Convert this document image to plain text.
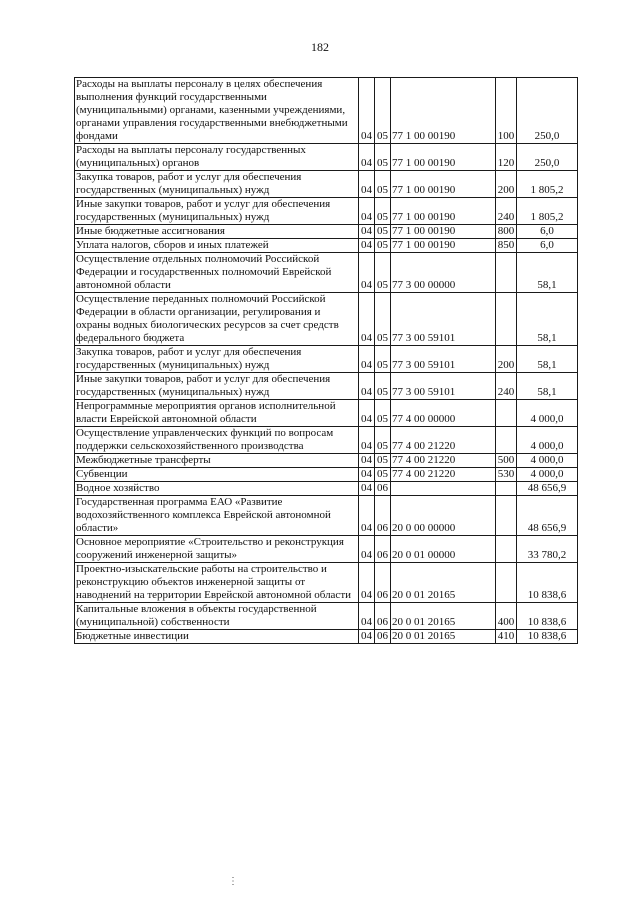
182
Расходы на выплаты персоналу в целях обеспечения выполнения функций государственными (муниципальными) органами, казенными учреждениями, органами управления государственными внебюджетными фондами	04	05	77 1 00 00190	100	250,0
Расходы на выплаты персоналу государственных (муниципальных) органов	04	05	77 1 00 00190	120	250,0
Закупка товаров, работ и услуг для обеспечения государственных (муниципальных) нужд	04	05	77 1 00 00190	200	1 805,2
Иные закупки товаров, работ и услуг для обеспечения государственных (муниципальных) нужд	04	05	77 1 00 00190	240	1 805,2
Иные бюджетные ассигнования	04	05	77 1 00 00190	800	6,0
Уплата налогов, сборов и иных платежей	04	05	77 1 00 00190	850	6,0
Осуществление отдельных полномочий Российской Федерации и государственных полномочий Еврейской автономной области	04	05	77 3 00 00000		58,1
Осуществление переданных полномочий Российской Федерации в области организации, регулирования и охраны водных биологических ресурсов за счет средств федерального бюджета	04	05	77 3 00 59101		58,1
Закупка товаров, работ и услуг для обеспечения государственных (муниципальных) нужд	04	05	77 3 00 59101	200	58,1
Иные закупки товаров, работ и услуг для обеспечения государственных (муниципальных) нужд	04	05	77 3 00 59101	240	58,1
Непрограммные мероприятия органов исполнительной власти Еврейской автономной области	04	05	77 4 00 00000		4 000,0
Осуществление управленческих функций по вопросам поддержки сельскохозяйственного производства	04	05	77 4 00 21220		4 000,0
Межбюджетные трансферты	04	05	77 4 00 21220	500	4 000,0
Субвенции	04	05	77 4 00 21220	530	4 000,0
Водное хозяйство	04	06			48 656,9
Государственная программа ЕАО «Развитие водохозяйственного комплекса Еврейской автономной области»	04	06	20 0 00 00000		48 656,9
Основное мероприятие «Строительство и реконструкция сооружений инженерной защиты»	04	06	20 0 01 00000		33 780,2
Проектно-изыскательские работы на строительство и реконструкцию объектов инженерной защиты от наводнений на территории Еврейской автономной области	04	06	20 0 01 20165		10 838,6
Капитальные вложения в объекты государственной (муниципальной) собственности	04	06	20 0 01 20165	400	10 838,6
Бюджетные инвестиции	04	06	20 0 01 20165	410	10 838,6
⋮
